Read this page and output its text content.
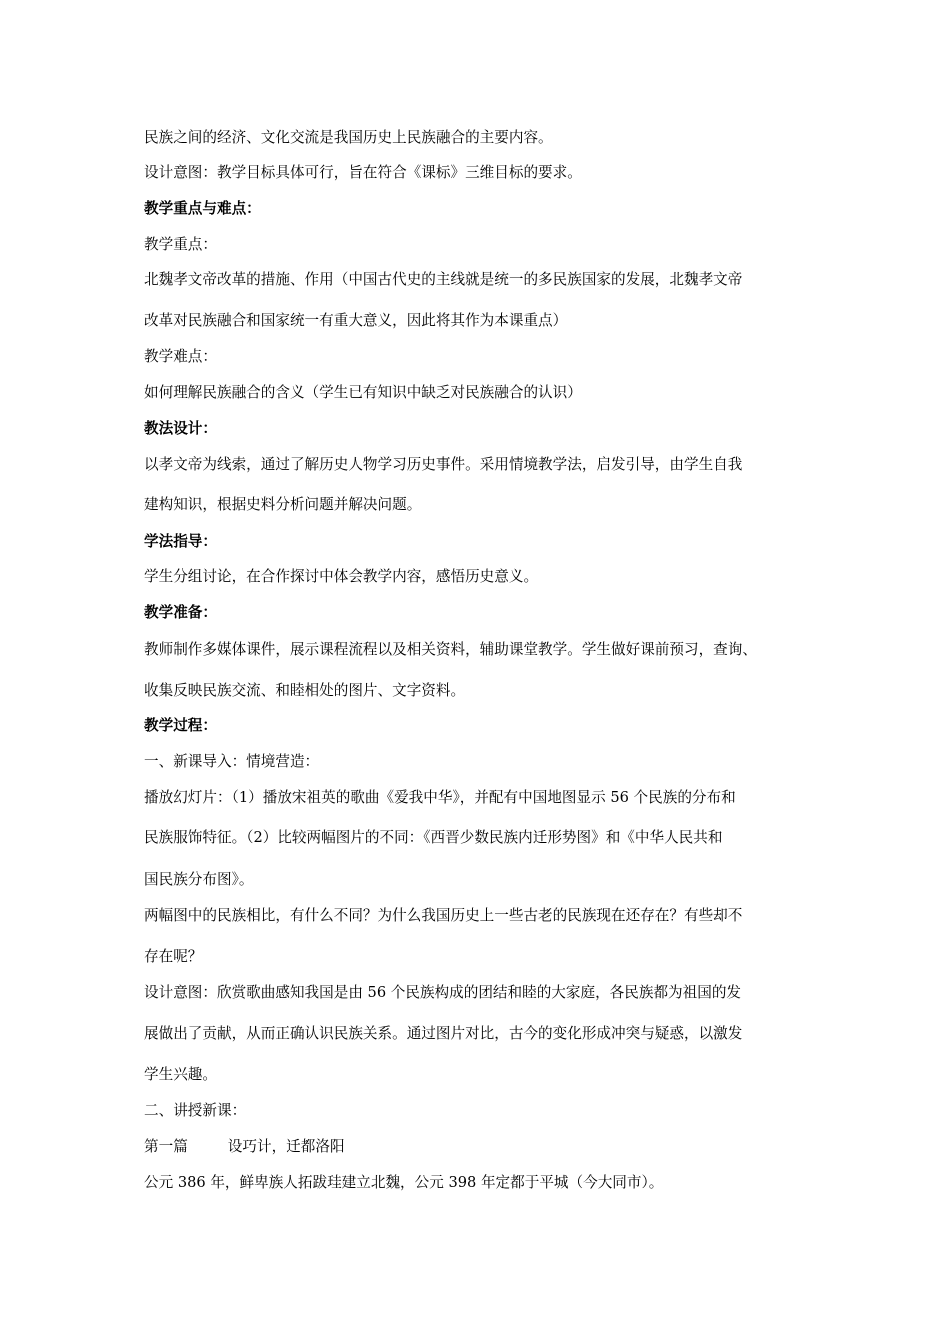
民族之间的经济、文化交流是我国历史上民族融合的主要内容。
设计意图：教学目标具体可行，旨在符合《课标》三维目标的要求。
教学重点与难点：
教学重点：
北魏孝文帝改革的措施、作用（中国古代史的主线就是统一的多民族国家的发展，北魏孝文帝
改革对民族融合和国家统一有重大意义，因此将其作为本课重点）
教学难点：
如何理解民族融合的含义（学生已有知识中缺乏对民族融合的认识）
教法设计：
以孝文帝为线索，通过了解历史人物学习历史事件。采用情境教学法，启发引导，由学生自我
建构知识，根据史料分析问题并解决问题。
学法指导：
学生分组讨论，在合作探讨中体会教学内容，感悟历史意义。
教学准备：
教师制作多媒体课件，展示课程流程以及相关资料，辅助课堂教学。学生做好课前预习，查询、
收集反映民族交流、和睦相处的图片、文字资料。
教学过程：
一、新课导入：情境营造：
播放幻灯片：（1）播放宋祖英的歌曲《爱我中华》，并配有中国地图显示 56 个民族的分布和
民族服饰特征。（2）比较两幅图片的不同：《西晋少数民族内迁形势图》和《中华人民共和
国民族分布图》。
两幅图中的民族相比，有什么不同？为什么我国历史上一些古老的民族现在还存在？有些却不
存在呢？
设计意图：欣赏歌曲感知我国是由 56 个民族构成的团结和睦的大家庭，各民族都为祖国的发
展做出了贡献，从而正确认识民族关系。通过图片对比，古今的变化形成冲突与疑惑，以激发
学生兴趣。
二、讲授新课：
第一篇	设巧计，迁都洛阳
公元 386 年，鲜卑族人拓跋珪建立北魏，公元 398 年定都于平城（今大同市）。
